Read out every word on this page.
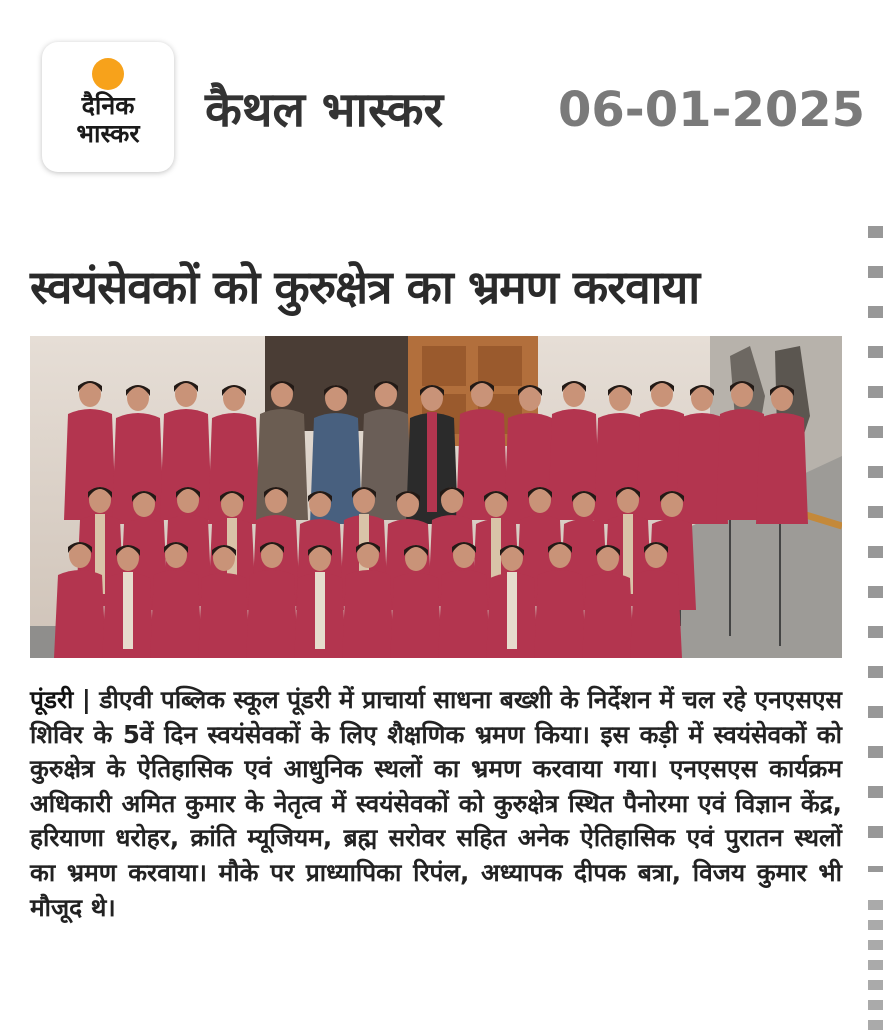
दैनिक
भास्कर	कैथल भास्कर 06-01-2025
स्वयंसेवकों को कुरुक्षेत्र का भ्रमण करवाया

पूंडरी | डीएवी पब्लिक स्कूल पूंडरी में प्राचार्या साधना बख्शी के निर्देशन में चल रहे एनएसएस शिविर के 5वें दिन स्वयंसेवकों के लिए शैक्षणिक भ्रमण किया। इस कड़ी में स्वयंसेवकों को कुरुक्षेत्र के ऐतिहासिक एवं आधुनिक स्थलों का भ्रमण करवाया गया। एनएसएस कार्यक्रम अधिकारी अमित कुमार के नेतृत्व में स्वयंसेवकों को कुरुक्षेत्र स्थित पैनोरमा एवं विज्ञान केंद्र, हरियाणा धरोहर, क्रांति म्यूजियम, ब्रह्म सरोवर सहित अनेक ऐतिहासिक एवं पुरातन स्थलों का भ्रमण करवाया। मौके पर प्राध्यापिका रिपंल, अध्यापक दीपक बत्रा, विजय कुमार भी मौजूद थे।
